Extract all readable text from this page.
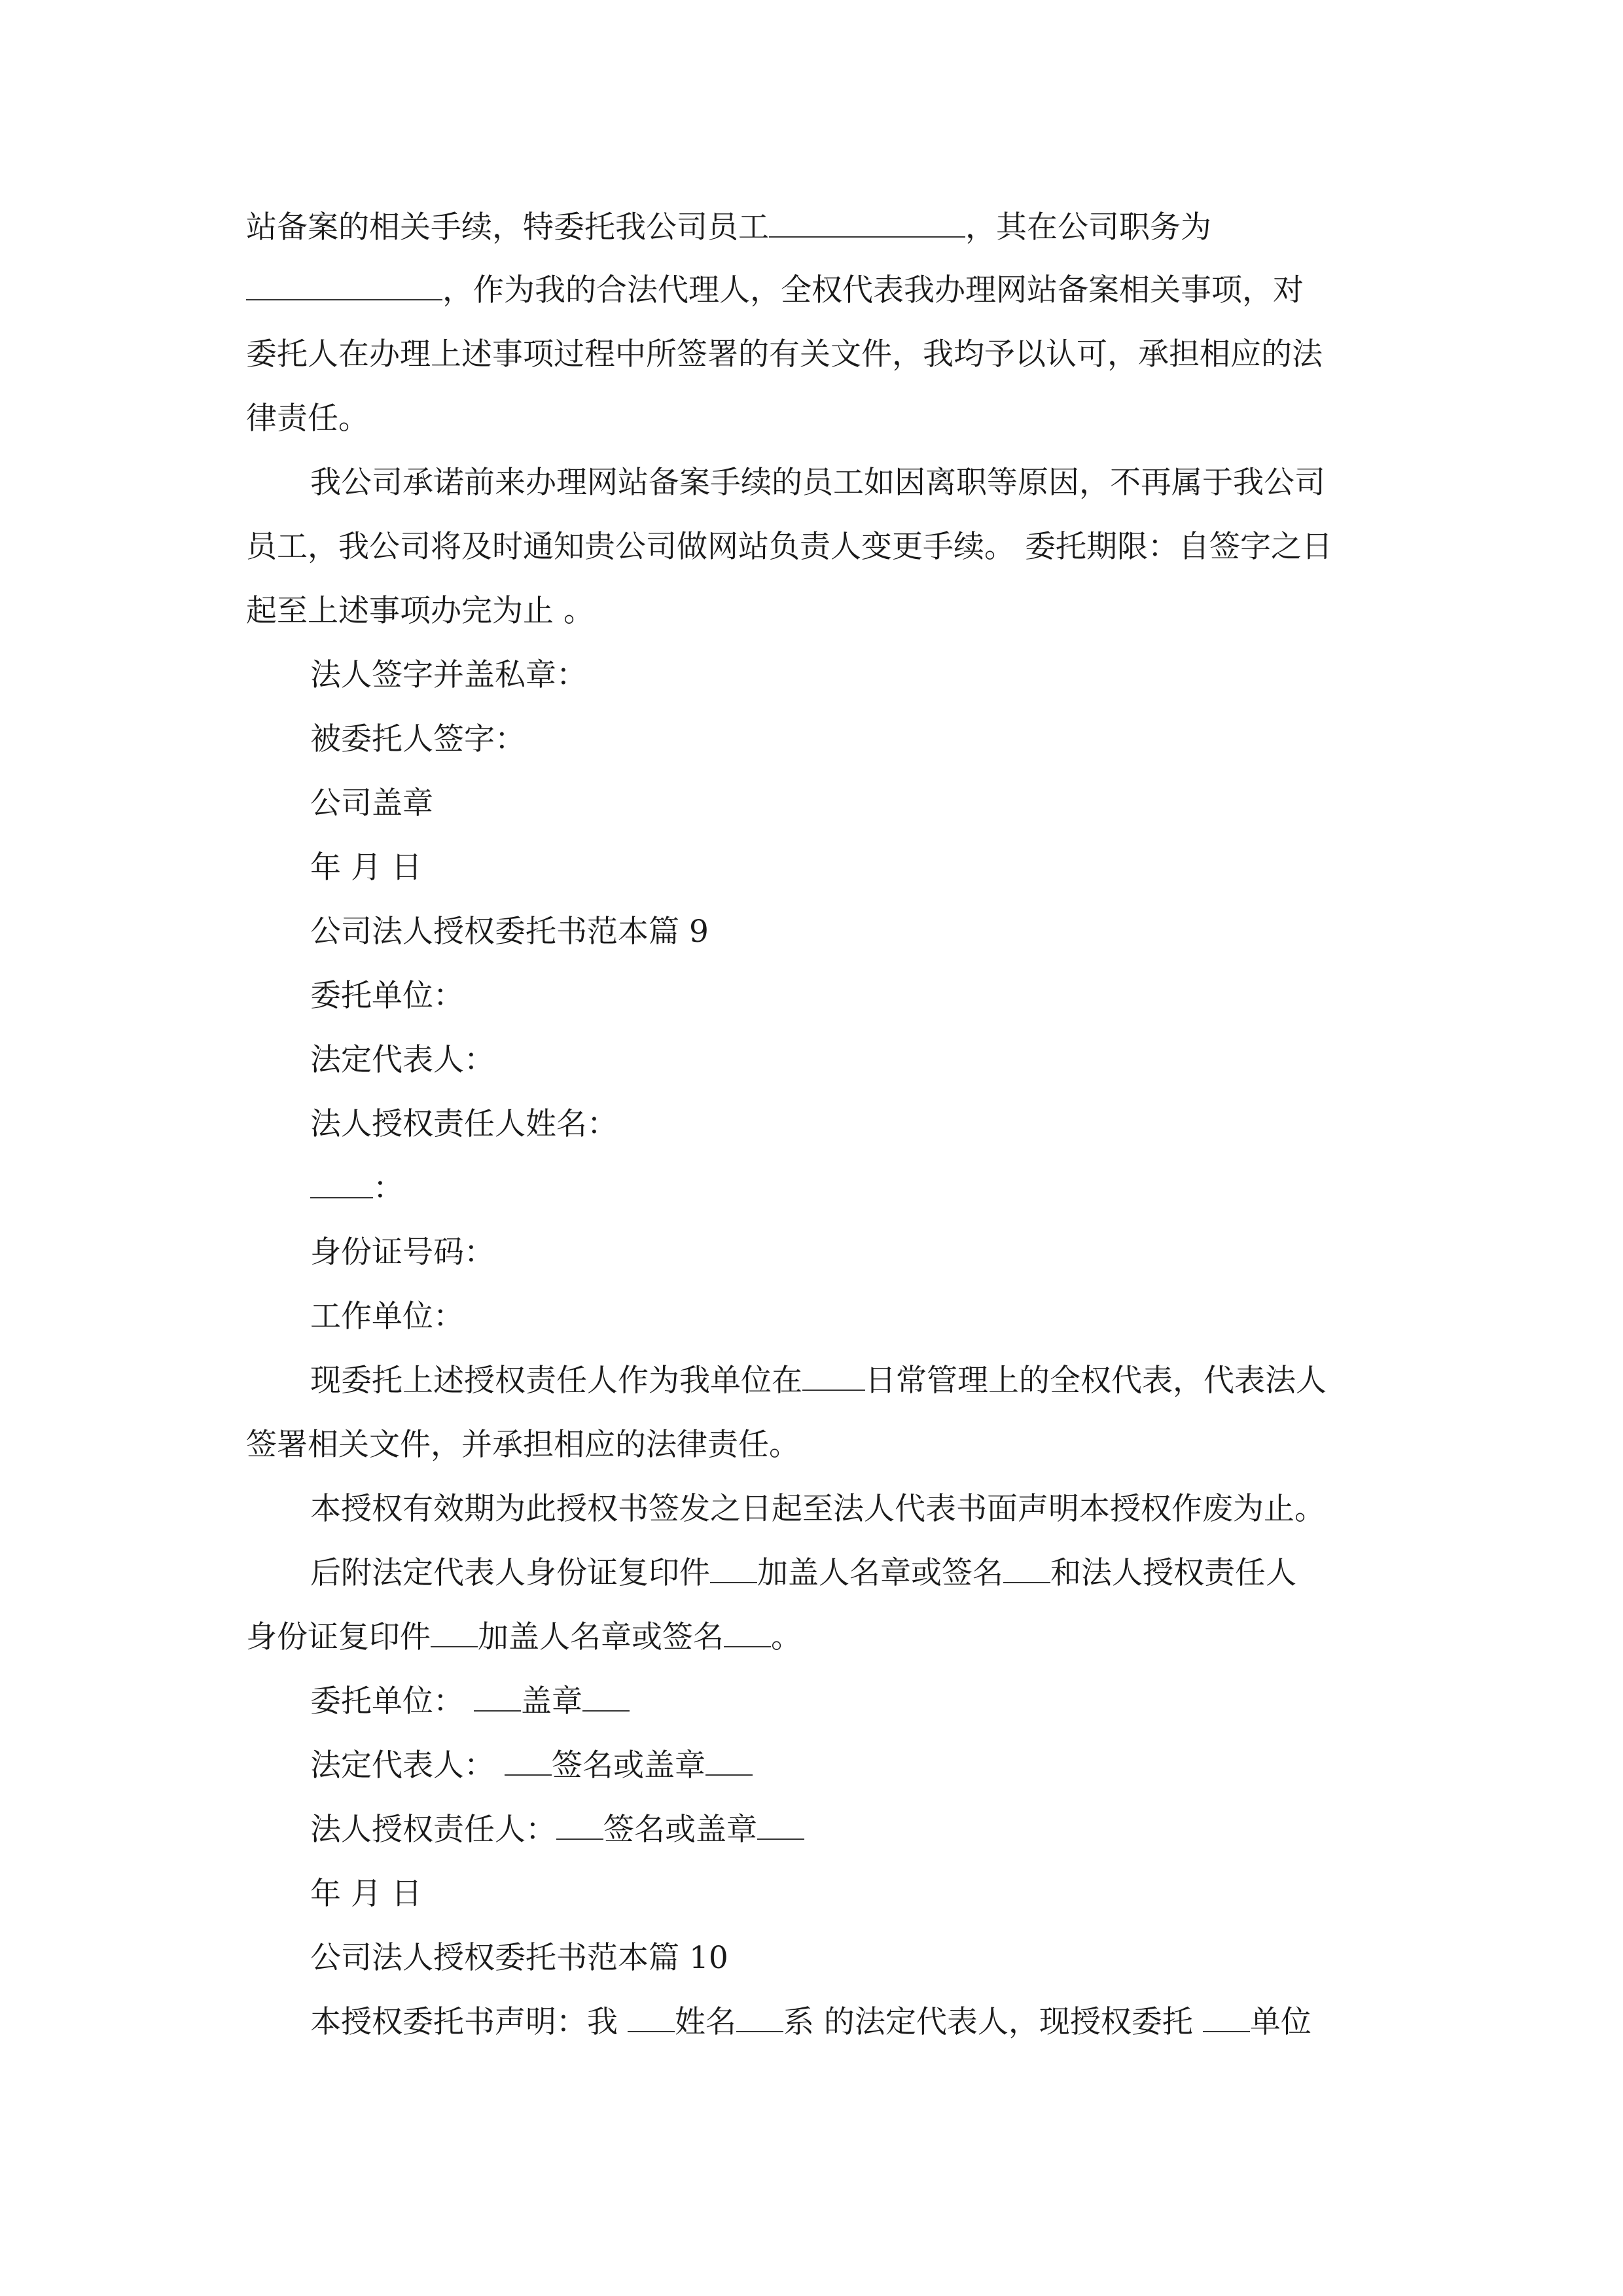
站备案的相关手续，特委托我公司员工	，其在公司职务为

，作为我的合法代理人，全权代表我办理网站备案相关事项，对

委托人在办理上述事项过程中所签署的有关文件，我均予以认可，承担相应的法

律责任。

我公司承诺前来办理网站备案手续的员工如因离职等原因，不再属于我公司

员工，我公司将及时通知贵公司做网站负责人变更手续。 委托期限：自签字之日

起至上述事项办完为止 。

法人签字并盖私章：

被委托人签字：

公司盖章

年 月 日

公司法人授权委托书范本篇 9

委托单位：

法定代表人：

法人授权责任人姓名：

：

身份证号码：

工作单位：

现委托上述授权责任人作为我单位在 日常管理上的全权代表，代表法人

签署相关文件，并承担相应的法律责任。

本授权有效期为此授权书签发之日起至法人代表书面声明本授权作废为止。

后附法定代表人身份证复印件 加盖人名章或签名 和法人授权责任人

身份证复印件 加盖人名章或签名 。

委托单位： 盖章

法定代表人： 签名或盖章

法人授权责任人： 签名或盖章

年 月 日

公司法人授权委托书范本篇 10

本授权委托书声明：我 姓名 系 的法定代表人，现授权委托 单位
